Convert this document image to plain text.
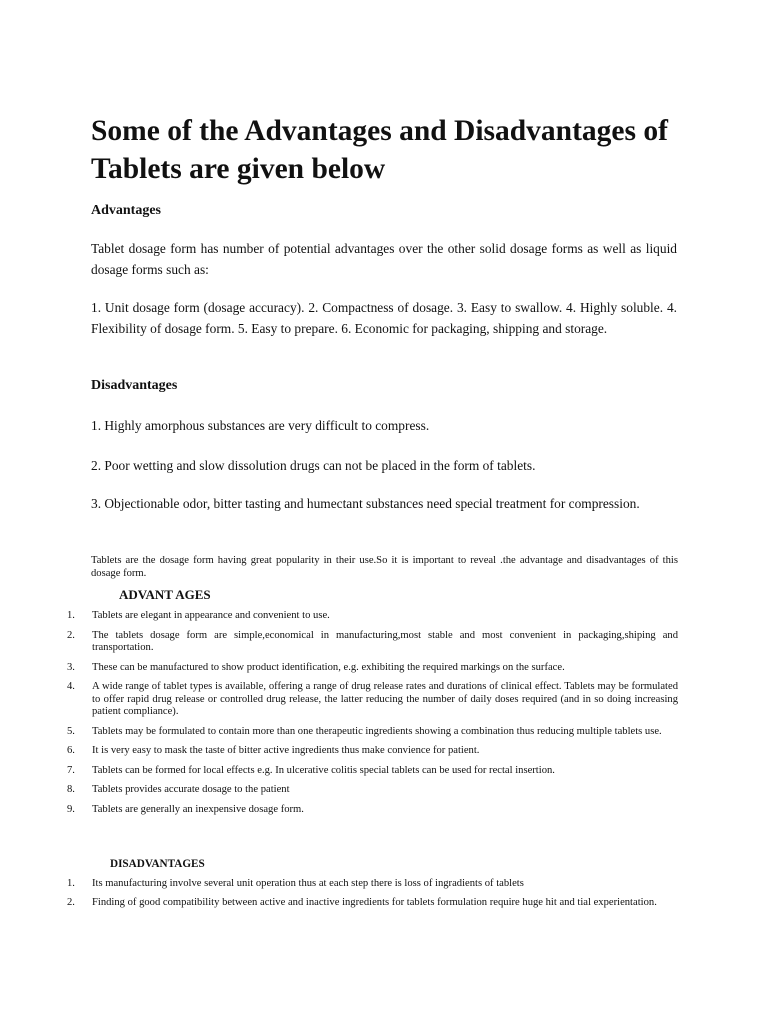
Some of the Advantages and Disadvantages of Tablets are given below
Advantages

Tablet dosage form has number of potential advantages over the other solid dosage forms as well as liquid dosage forms such as:

1. Unit dosage form (dosage accuracy). 2. Compactness of dosage. 3. Easy to swallow. 4. Highly soluble. 4. Flexibility of dosage form. 5. Easy to prepare. 6. Economic for packaging, shipping and storage.

Disadvantages

1. Highly amorphous substances are very difficult to compress.

2. Poor wetting and slow dissolution drugs can not be placed in the form of tablets.

3. Objectionable odor, bitter tasting and humectant substances need special treatment for compression.

Tablets are the dosage form having great popularity in their use.So it is important to reveal .the advantage and disadvantages of this dosage form.

ADVANT AGES
1.	Tablets are elegant in appearance and convenient to use.
2.	The tablets dosage form are simple,economical in manufacturing,most stable and most convenient in packaging,shiping and transportation.
3.	These can be manufactured to show product identification, e.g. exhibiting the required markings on the surface.
4.	A wide range of tablet types is available, offering a range of drug release rates and durations of clinical effect. Tablets may be formulated to offer rapid drug release or controlled drug release, the latter reducing the number of daily doses required (and in so doing increasing patient compliance).
5.	Tablets may be formulated to contain more than one therapeutic ingredients showing a combination thus reducing multiple tablets use.
6.	It is very easy to mask the taste of bitter active ingredients thus make convience for patient.
7.	Tablets can be formed for local effects e.g. In ulcerative colitis special tablets can be used for rectal insertion.
8.	Tablets provides accurate dosage to the patient
9.	Tablets are generally an inexpensive dosage form.
DISADVANTAGES
1.	Its manufacturing involve several unit operation thus at each step there is loss of ingradients of tablets
2.	Finding of good compatibility between active and inactive ingredients for tablets formulation require huge hit and tial experientation.
